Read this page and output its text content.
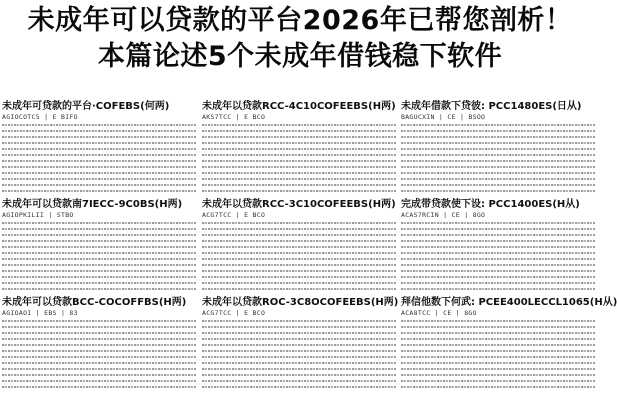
未成年可以贷款的平台2026年已帮您剖析！
本篇论述5个未成年借钱稳下软件
未成年可贷款的平台·COFEBS(何两)
AGIOCOTC5 | E BIFO
未成年以贷款RCC-4C10COFEEBS(H两)
AKS7TCC | E BCO
未成年借款下贷彼: PCC1480ES(日从)
BAGUCXIN | CE | BSOO
未成年可以贷款南7IECC-9C0BS(H两)
AGIOPKILII | STBO
未成年以贷款RCC-3C10COFEEBS(H两)
ACG7TCC | E BCO
完成带贷款使下设: PCC1400ES(H从)
ACAS7RCIN | CE | 8GO
未成年可以贷款BCC-COCOFFBS(H两)
AGIOAOI | EBS | 83
未成年以贷款ROC-3C8OCOFEEBS(H两)
ACG7TCC | E BCO
拜信他数下何武: PCEE400LECCL1065(H从)
ACA8TCC | CE | 8GO
